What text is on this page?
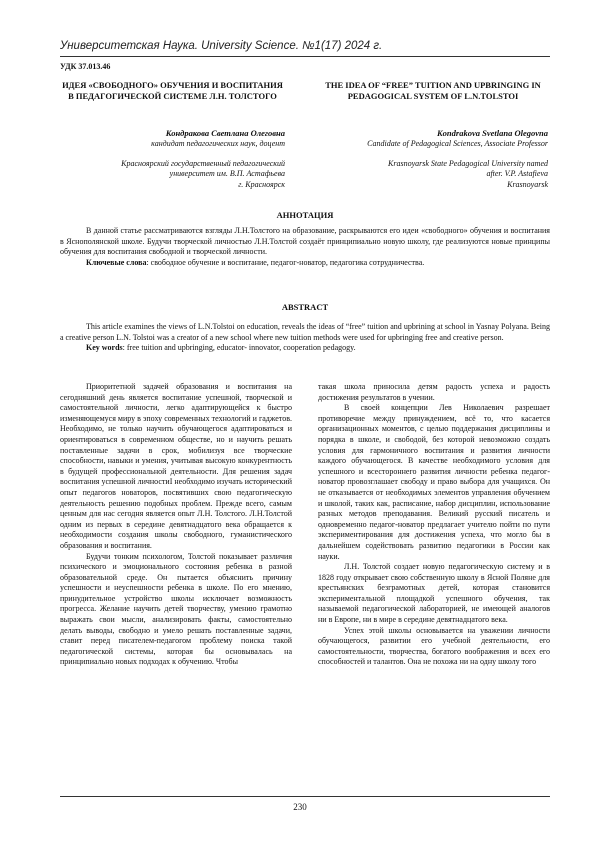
Университетская Наука. University Science. №1(17) 2024 г.
УДК 37.013.46
ИДЕЯ «СВОБОДНОГО» ОБУЧЕНИЯ И ВОСПИТАНИЯ В ПЕДАГОГИЧЕСКОЙ СИСТЕМЕ Л.Н. ТОЛСТОГО
THE IDEA OF “FREE” TUITION AND UPBRINGING IN PEDAGOGICAL SYSTEM OF L.N.TOLSTOI
Кондракова Светлана Олеговна

кандидат педагогических наук, доцент

Красноярский государственный педагогический

университет им. В.П. Астафьева

г. Красноярск

Kondrakova Svetlana Olegovna

Candidate of Pedagogical Sciences, Associate Professor

Krasnoyarsk State Pedagogical University named

after. V.P. Astafieva

Krasnoyarsk

АННОТАЦИЯ

В данной статье рассматриваются взгляды Л.Н.Толстого на образование, раскрываются его идеи «свободного» обучения и воспитания в Яснополянской школе. Будучи творческой личностью Л.Н.Толстой создаёт принципиально новую школу, где реализуются новые принципы обучения для воспитания свободной и творческой личности.

Ключевые слова: свободное обучение и воспитание, педагог-новатор, педагогика сотрудничества.

ABSTRACT

This article examines the views of L.N.Tolstoi on education, reveals the ideas of “free” tuition and upbrining at school in Yasnay Polyana. Being a creative person L.N. Tolstoi was a creator of a new school where new tuition methods were used for upbringing free and creative person.

Key words: free tuition and upbringing, educator- innovator, cooperation pedagogy.

Приоритетной задачей образования и воспитания на сегодняшний день является воспитание успешной, творческой и самостоятельной личности, легко адаптирующейся к быстро изменяющемуся миру в эпоху современных технологий и гаджетов. Необходимо, не только научить обучающегося адаптироваться и ориентироваться в современном обществе, но и научить решать поставленные задачи в срок, мобилизуя все творческие способности, навыки и умения, учитывая высокую конкурентность в будущей профессиональной деятельности. Для решения задач воспитания успешной личностиI необходимо изучать исторический опыт педагогов новаторов, посвятивших свою педагогическую деятельность решению подобных проблем. Прежде всего, самым ценным для нас сегодня является опыт Л.Н. Толстого. Л.Н.Толстой одним из первых в середине девятнадцатого века обращается к необходимости создания школы свободного, гуманистического образования и воспитания.

Будучи тонким психологом, Толстой показывает различия психического и эмоционального состояния ребенка в разной образовательной среде. Он пытается объяснить причину успешности и неуспешности ребенка в школе. По его мнению, принудительное устройство школы исключает возможность прогресса. Желание научить детей творчеству, умению грамотно выражать свои мысли, анализировать факты, самостоятельно делать выводы, свободно и умело решать поставленные задачи, ставит перед писателем-педагогом проблему поиска такой педагогической системы, которая бы основывалась на принципиально новых подходах к обучению. Чтобы

такая школа приносила детям радость успеха и радость достижения результатов в учении.

В своей концепции Лев Николаевич разрешает противоречие между принуждением, всё то, что касается организационных моментов, с целью поддержания дисциплины и порядка в школе, и свободой, без которой невозможно создать условия для гармоничного воспитания и развития личности каждого обучающегося. В качестве необходимого условия для успешного и всестороннего развития личности ребенка педагог-новатор провозглашает свободу и право выбора для учащихся. Он не отказывается от необходимых элементов управления обучением и школой, таких как, расписание, набор дисциплин, использование разных методов преподавания. Великий русский писатель и одновременно педагог-новатор предлагает учителю пойти по пути экспериментирования для достижения успеха, что могло бы в дальнейшем содействовать развитию педагогики в России как науки.

Л.Н. Толстой создает новую педагогическую систему и в 1828 году открывает свою собственную школу в Ясной Поляне для крестьянских безграмотных детей, которая становится экспериментальной площадкой успешного обучения, так называемой педагогической лабораторией, не имеющей аналогов ни в Европе, ни в мире в середине девятнадцатого века.

Успех этой школы основывается на уважении личности обучающегося, развитии его учебной деятельности, его самостоятельности, творчества, богатого воображения и всех его способностей и талантов. Она не похожа ни на одну школу того

230
